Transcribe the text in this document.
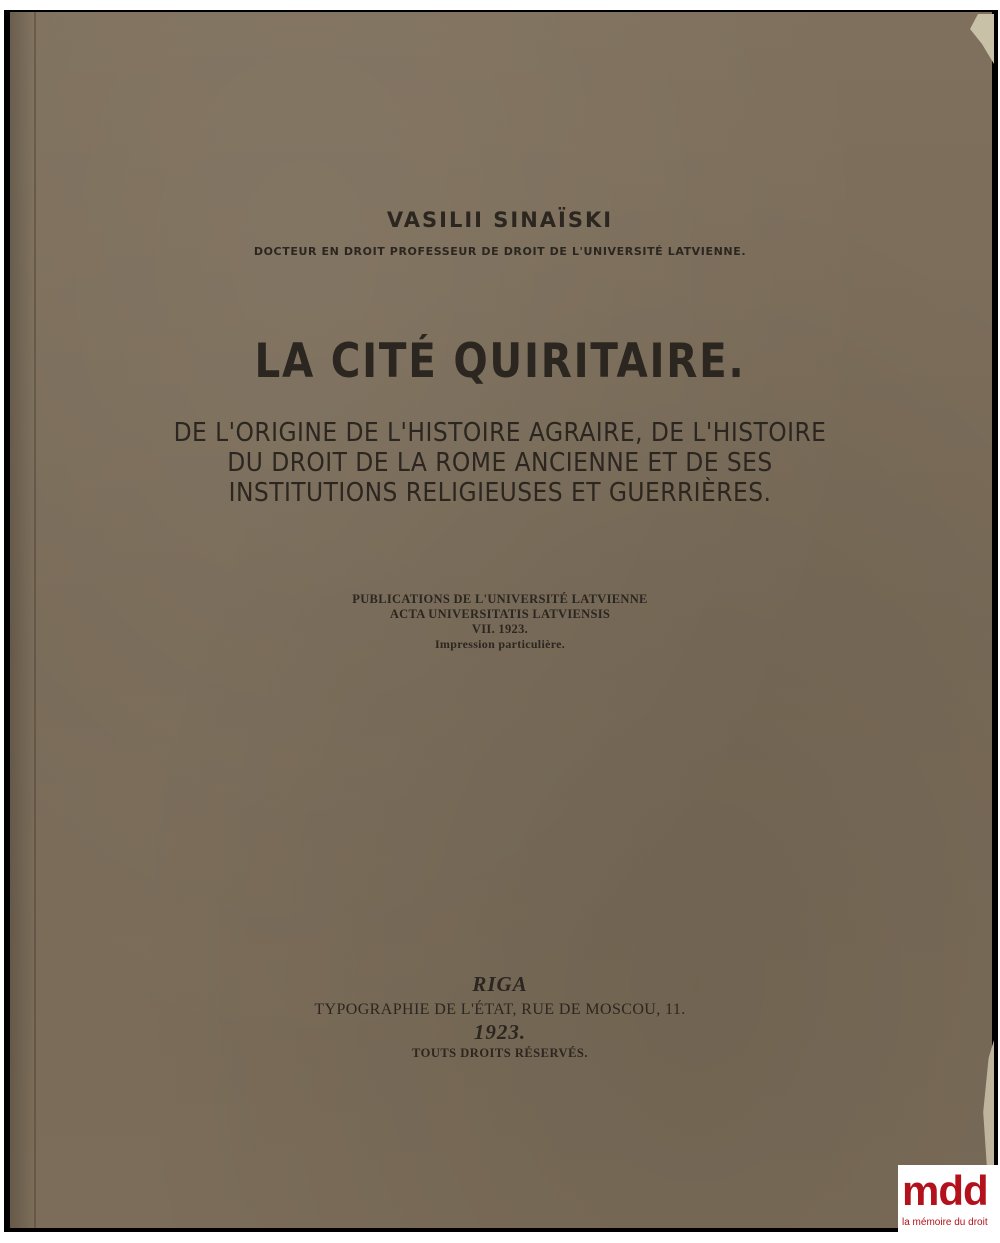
VASILII SINAÏSKI
DOCTEUR EN DROIT PROFESSEUR DE DROIT DE L'UNIVERSITÉ LATVIENNE.
LA CITÉ QUIRITAIRE.
DE L'ORIGINE DE L'HISTOIRE AGRAIRE, DE L'HISTOIRE
DU DROIT DE LA ROME ANCIENNE ET DE SES
INSTITUTIONS RELIGIEUSES ET GUERRIÈRES.
PUBLICATIONS DE L'UNIVERSITÉ LATVIENNE
ACTA UNIVERSITATIS LATVIENSIS
VII. 1923.
Impression particulière.
RIGA
TYPOGRAPHIE DE L'ÉTAT, RUE DE MOSCOU, 11.
1923.
TOUTS DROITS RÉSERVÉS.
mdd
la mémoire du droit
